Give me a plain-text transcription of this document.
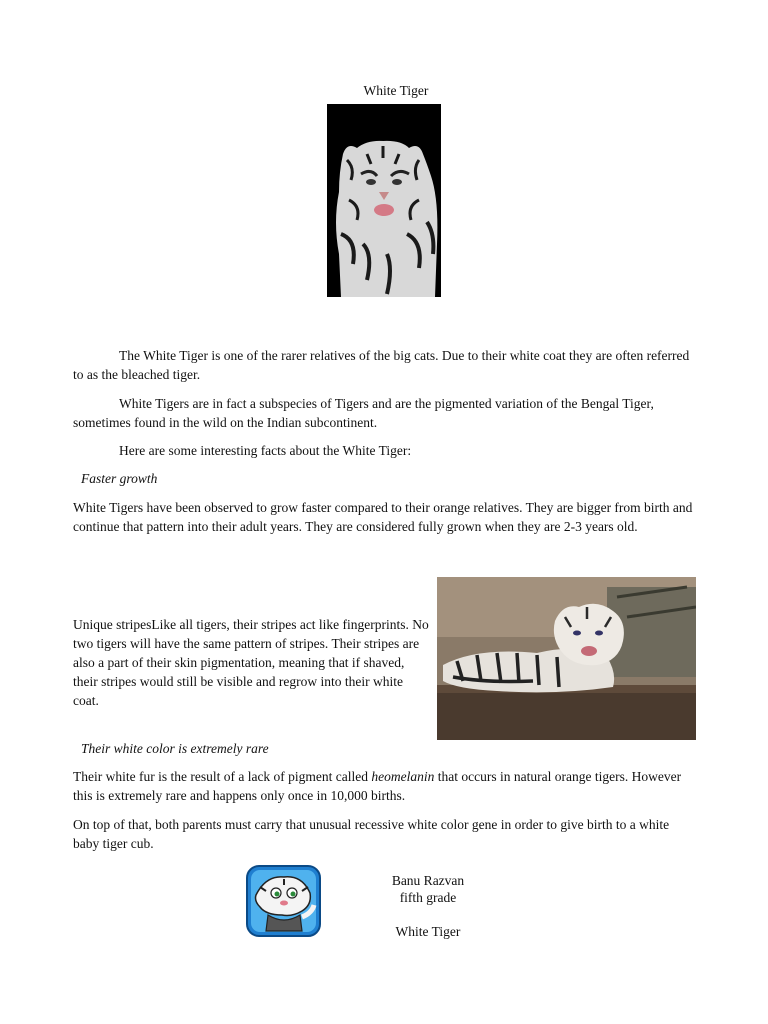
White Tiger
The White Tiger is one of the rarer relatives of the big cats. Due to their white coat they are often referred to as the bleached tiger.
White Tigers are in fact a subspecies of Tigers and are the pigmented variation of the Bengal Tiger, sometimes found in the wild on the Indian subcontinent.
Here are some interesting facts about the White Tiger:
Faster growth
White Tigers have been observed to grow faster compared to their orange relatives. They are bigger from birth and continue that pattern into their adult years. They are considered fully grown when they are 2-3 years old.
Unique stripesLike all tigers, their stripes act like fingerprints. No two tigers will have the same pattern of stripes. Their stripes are also a part of their skin pigmentation, meaning that if shaved, their stripes would still be visible and regrow into their white coat.
Their white color is extremely rare
Their white fur is the result of a lack of pigment called heomelanin that occurs in natural orange tigers. However this is extremely rare and happens only once in 10,000 births.
On top of that, both parents must carry that unusual recessive white color gene in order to give birth to a white baby tiger cub.
Banu Razvan
fifth grade
White Tiger
